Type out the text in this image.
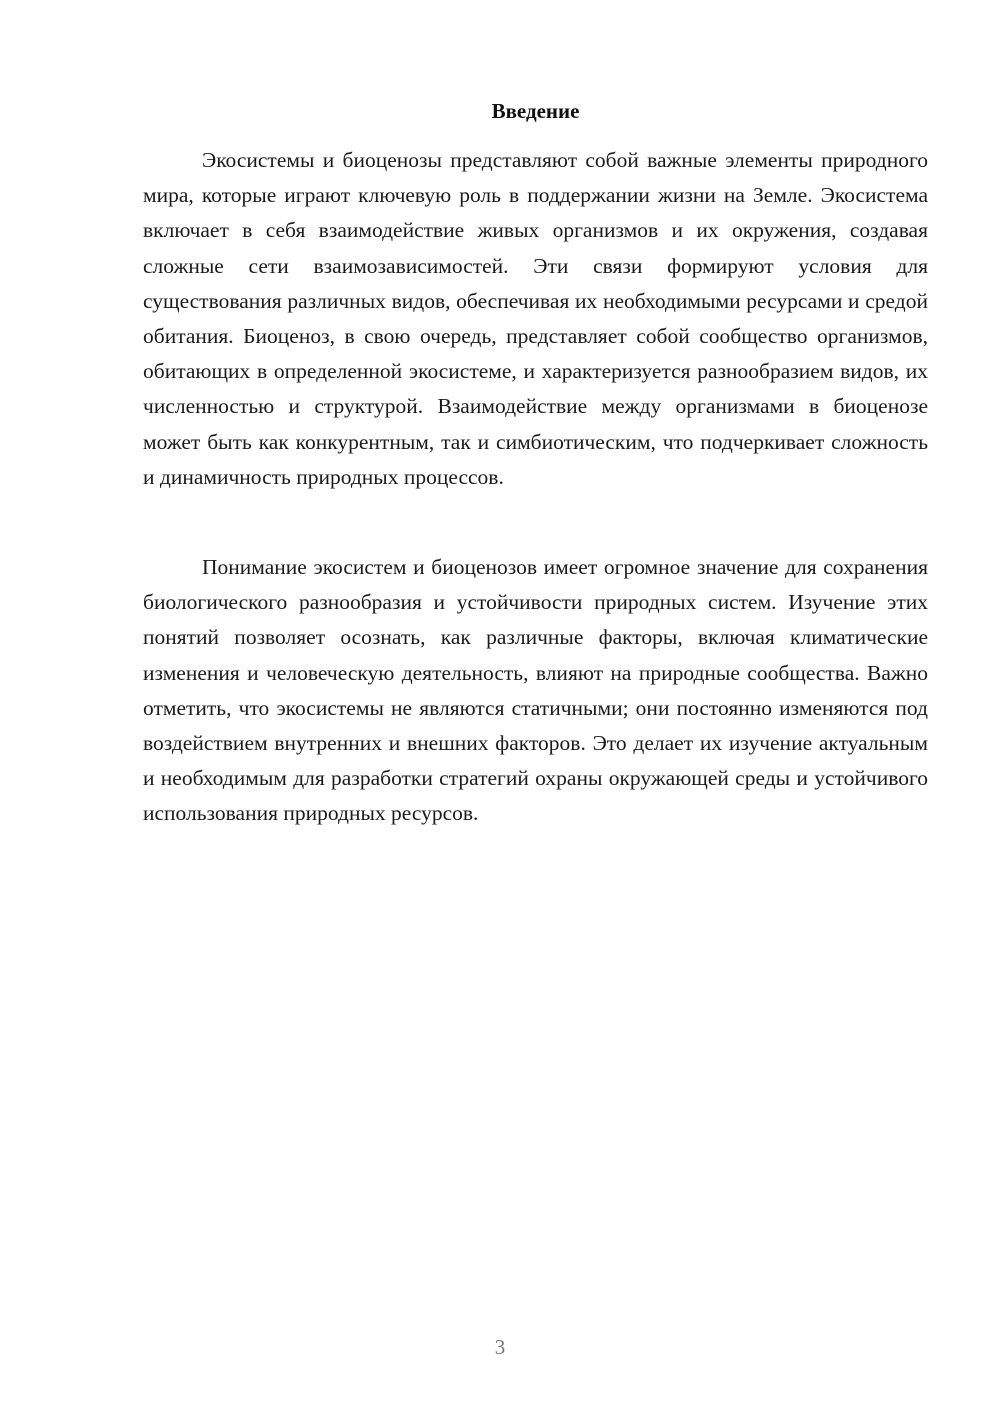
Введение

Экосистемы и биоценозы представляют собой важные элементы природного мира, которые играют ключевую роль в поддержании жизни на Земле. Экосистема включает в себя взаимодействие живых организмов и их окружения, создавая сложные сети взаимозависимостей. Эти связи формируют условия для существования различных видов, обеспечивая их необходимыми ресурсами и средой обитания. Биоценоз, в свою очередь, представляет собой сообщество организмов, обитающих в определенной экосистеме, и характеризуется разнообразием видов, их численностью и структурой. Взаимодействие между организмами в биоценозе может быть как конкурентным, так и симбиотическим, что подчеркивает сложность и динамичность природных процессов.

Понимание экосистем и биоценозов имеет огромное значение для сохранения биологического разнообразия и устойчивости природных систем. Изучение этих понятий позволяет осознать, как различные факторы, включая климатические изменения и человеческую деятельность, влияют на природные сообщества. Важно отметить, что экосистемы не являются статичными; они постоянно изменяются под воздействием внутренних и внешних факторов. Это делает их изучение актуальным и необходимым для разработки стратегий охраны окружающей среды и устойчивого использования природных ресурсов.

3
